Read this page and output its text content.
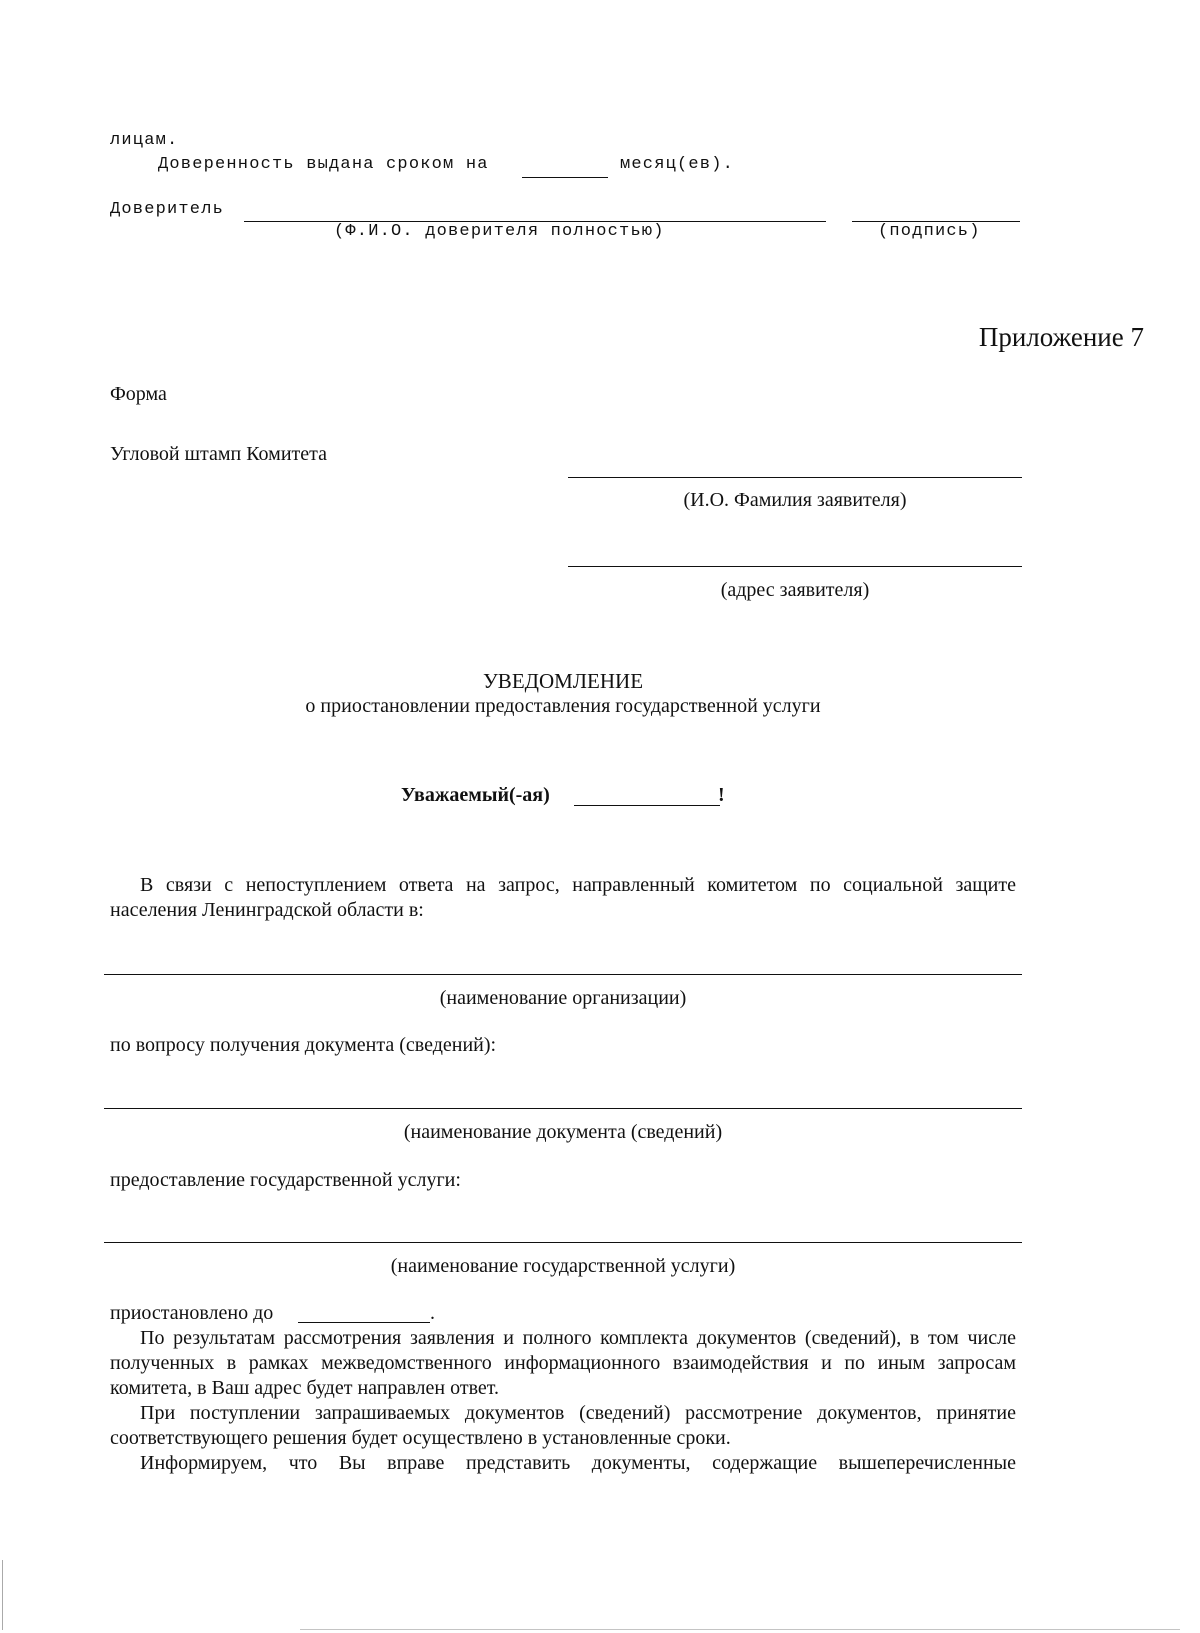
лицам.
Доверенность выдана сроком на	месяц(ев).
Доверитель
(Ф.И.О. доверителя полностью)	(подпись)
Приложение 7
Форма
Угловой штамп Комитета
(И.О. Фамилия заявителя)
(адрес заявителя)
УВЕДОМЛЕНИЕ
о приостановлении предоставления государственной услуги
Уважаемый(-ая)	!
В связи с непоступлением ответа на запрос, направленный комитетом по социальной защите населения Ленинградской области в:
(наименование организации)
по вопросу получения документа (сведений):
(наименование документа (сведений)
предоставление государственной услуги:
(наименование государственной услуги)
приостановлено до	.
По результатам рассмотрения заявления и полного комплекта документов (сведений), в том числе полученных в рамках межведомственного информационного взаимодействия и по иным запросам комитета, в Ваш адрес будет направлен ответ.
При поступлении запрашиваемых документов (сведений) рассмотрение документов, принятие соответствующего решения будет осуществлено в установленные сроки.
Информируем, что Вы вправе представить документы, содержащие вышеперечисленные
